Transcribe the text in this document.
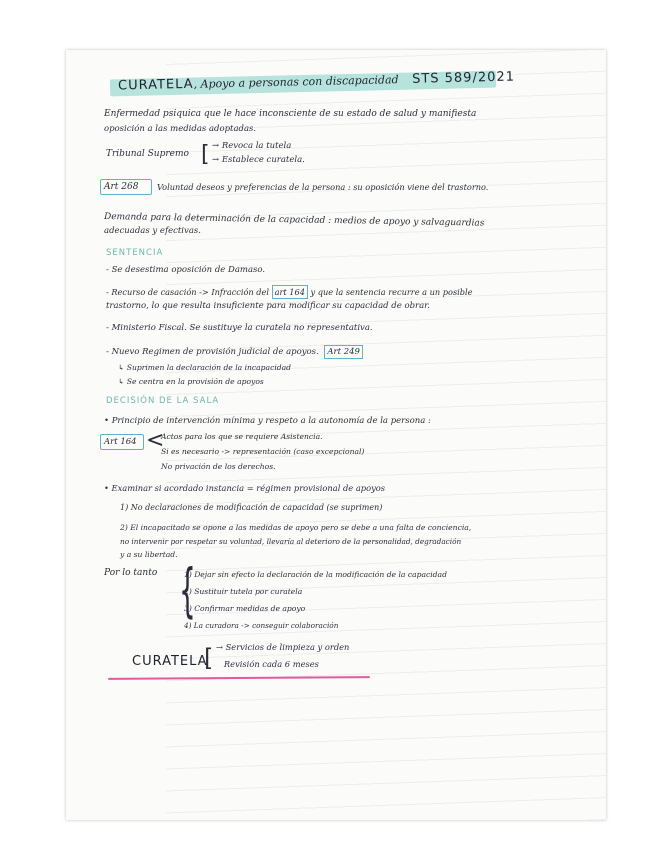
CURATELA, Apoyo a personas con discapacidad STS 589/2021

Enfermedad psiquica que le hace inconsciente de su estado de salud y manifiesta

oposición a las medidas adoptadas.

Tribunal Supremo [ → Revoca la tutela

→ Establece curatela.

Art 268 Voluntad deseos y preferencias de la persona : su oposición viene del trastorno.

Demanda para la determinación de la capacidad : medios de apoyo y salvaguardias

adecuadas y efectivas.

SENTENCIA

- Se desestima oposición de Damaso.

- Recurso de casación -> Infracción del art 164 y que la sentencia recurre a un posible

trastorno, lo que resulta insuficiente para modificar su capacidad de obrar.

- Ministerio Fiscal. Se sustituye la curatela no representativa.

- Nuevo Regimen de provisión judicial de apoyos. Art 249

↳ Suprimen la declaración de la incapacidad

↳ Se centra en la provisión de apoyos

DECISIÓN DE LA SALA

• Principio de intervención mínima y respeto a la autonomía de la persona :

Art 164 <

Actos para los que se requiere Asistencia.

Si es necesario -> representación (caso excepcional)

No privación de los derechos.

• Examinar si acordado instancia = régimen provisional de apoyos

1) No declaraciones de modificación de capacidad (se suprimen)

2) El incapacitado se opone a las medidas de apoyo pero se debe a una falta de conciencia,

no intervenir por respetar su voluntad, llevaría al deterioro de la personalidad, degradación

y a su libertad.

Por lo tanto {

1) Dejar sin efecto la declaración de la modificación de la capacidad

2) Sustituir tutela por curatela

3) Confirmar medidas de apoyo

4) La curadora -> conseguir colaboración

CURATELA

[ → Servicios de limpieza y orden

Revisión cada 6 meses
